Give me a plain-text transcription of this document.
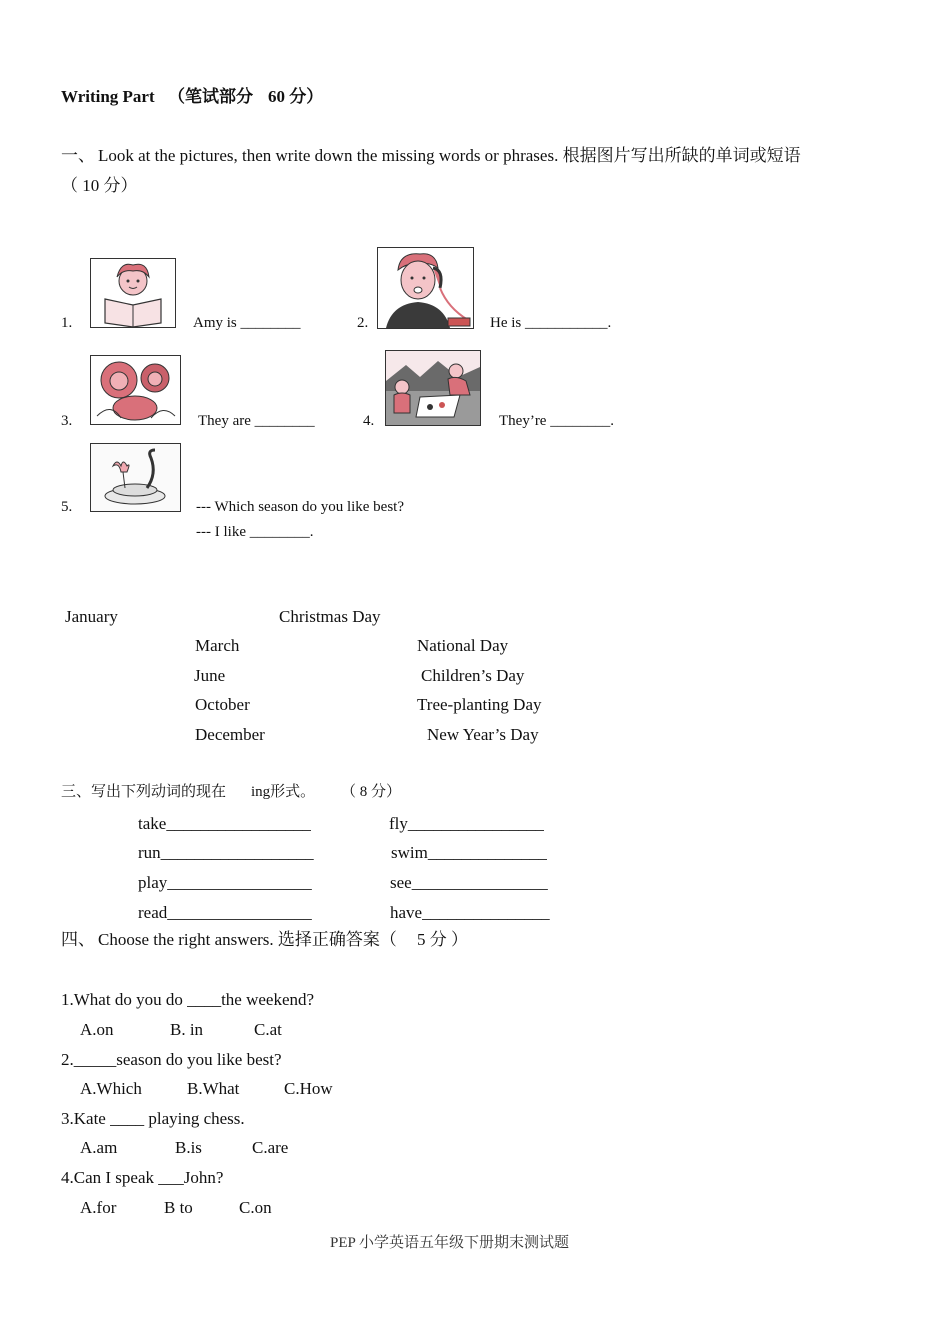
Writing Part （笔试部分 60 分）
一、 Look at the pictures, then write down the missing words or phrases. 根据图片写出所缺的单词或短语
（ 10 分）
1.	Amy is ________	2.	He is ___________.
3.	They are ________	4.	They’re ________.
5.	--- Which season do you like best?
--- I like ________.
January	Christmas Day
March	National Day
June	Children’s Day
October	Tree-planting Day
December	New Year’s Day
三、写出下列动词的现在 ing形式。 （ 8 分）
take_________________	fly________________
run__________________	swim______________
play_________________	see________________
read_________________	have_______________
四、 Choose the right answers. 选择正确答案（ 5 分 ）
1.What do you do ____the weekend?
A.on	B. in	C.at
2._____season do you like best?
A.Which	B.What	C.How
3.Kate ____ playing chess.
A.am	B.is	C.are
4.Can I speak ___John?
A.for	B to	C.on
PEP 小学英语五年级下册期末测试题
